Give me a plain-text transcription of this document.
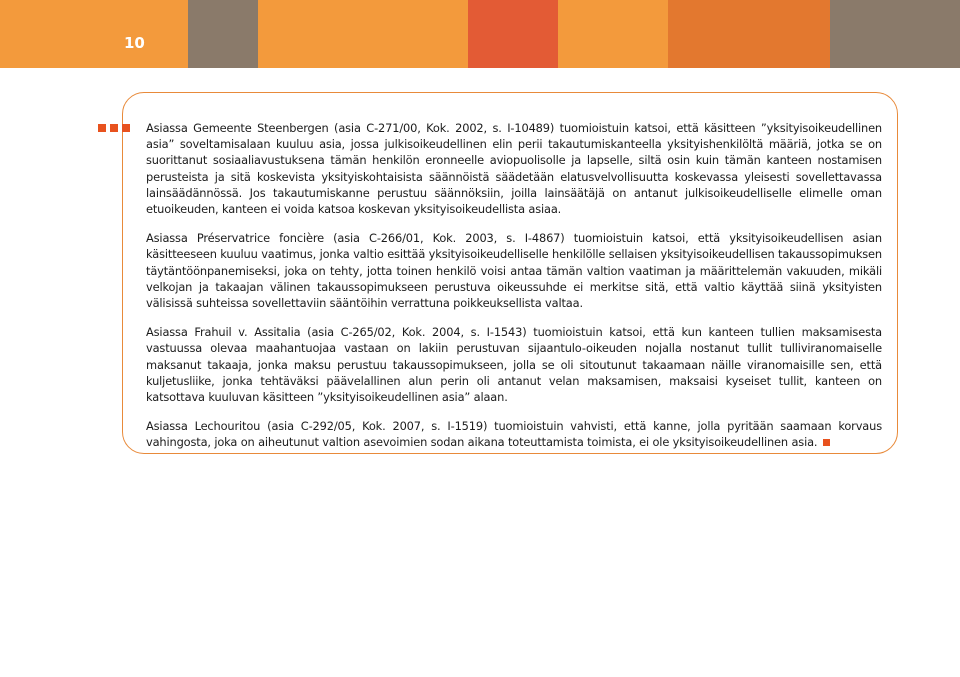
10

Asiassa Gemeente Steenbergen (asia C-271/00, Kok. 2002, s. I-10489) tuomioistuin katsoi, että käsitteen ”yksityisoikeudellinen asia” soveltamisalaan kuuluu asia, jossa julkisoikeudellinen elin perii takautumiskanteella yksityishenkilöltä määriä, jotka se on suorittanut sosiaaliavustuksena tämän henkilön eronneelle aviopuolisolle ja lapselle, siltä osin kuin tämän kanteen nostamisen perusteista ja sitä koskevista yksityiskohtaisista säännöistä säädetään elatusvelvollisuutta koskevassa yleisesti sovellettavassa lainsäädännössä. Jos takautumiskanne perustuu säännöksiin, joilla lainsäätäjä on antanut julkisoikeudelliselle elimelle oman etuoikeuden, kanteen ei voida katsoa koskevan yksityisoikeudellista asiaa.

Asiassa Préservatrice foncière (asia C-266/01, Kok. 2003, s. I-4867) tuomioistuin katsoi, että yksityisoikeudellisen asian käsitteeseen kuuluu vaatimus, jonka valtio esittää yksityisoikeudelliselle henkilölle sellaisen yksityisoikeudellisen takaussopimuksen täytäntöönpanemiseksi, joka on tehty, jotta toinen henkilö voisi antaa tämän valtion vaatiman ja määrittelemän vakuuden, mikäli velkojan ja takaajan välinen takaussopimukseen perustuva oikeussuhde ei merkitse sitä, että valtio käyttää siinä yksityisten välisissä suhteissa sovellettaviin sääntöihin verrattuna poikkeuksellista valtaa.

Asiassa Frahuil v. Assitalia (asia C-265/02, Kok. 2004, s. I-1543) tuomioistuin katsoi, että kun kanteen tullien maksamisesta vastuussa olevaa maahantuojaa vastaan on lakiin perustuvan sijaantulo-oikeuden nojalla nostanut tullit tulliviranomaiselle maksanut takaaja, jonka maksu perustuu takaussopimukseen, jolla se oli sitoutunut takaamaan näille viranomaisille sen, että kuljetusliike, jonka tehtäväksi päävelallinen alun perin oli antanut velan maksamisen, maksaisi kyseiset tullit, kanteen on katsottava kuuluvan käsitteen ”yksityisoikeudellinen asia” alaan.

Asiassa Lechouritou (asia C-292/05, Kok. 2007, s. I-1519) tuomioistuin vahvisti, että kanne, jolla pyritään saamaan korvaus vahingosta, joka on aiheutunut valtion asevoimien sodan aikana toteuttamista toimista, ei ole yksityisoikeudellinen asia.
